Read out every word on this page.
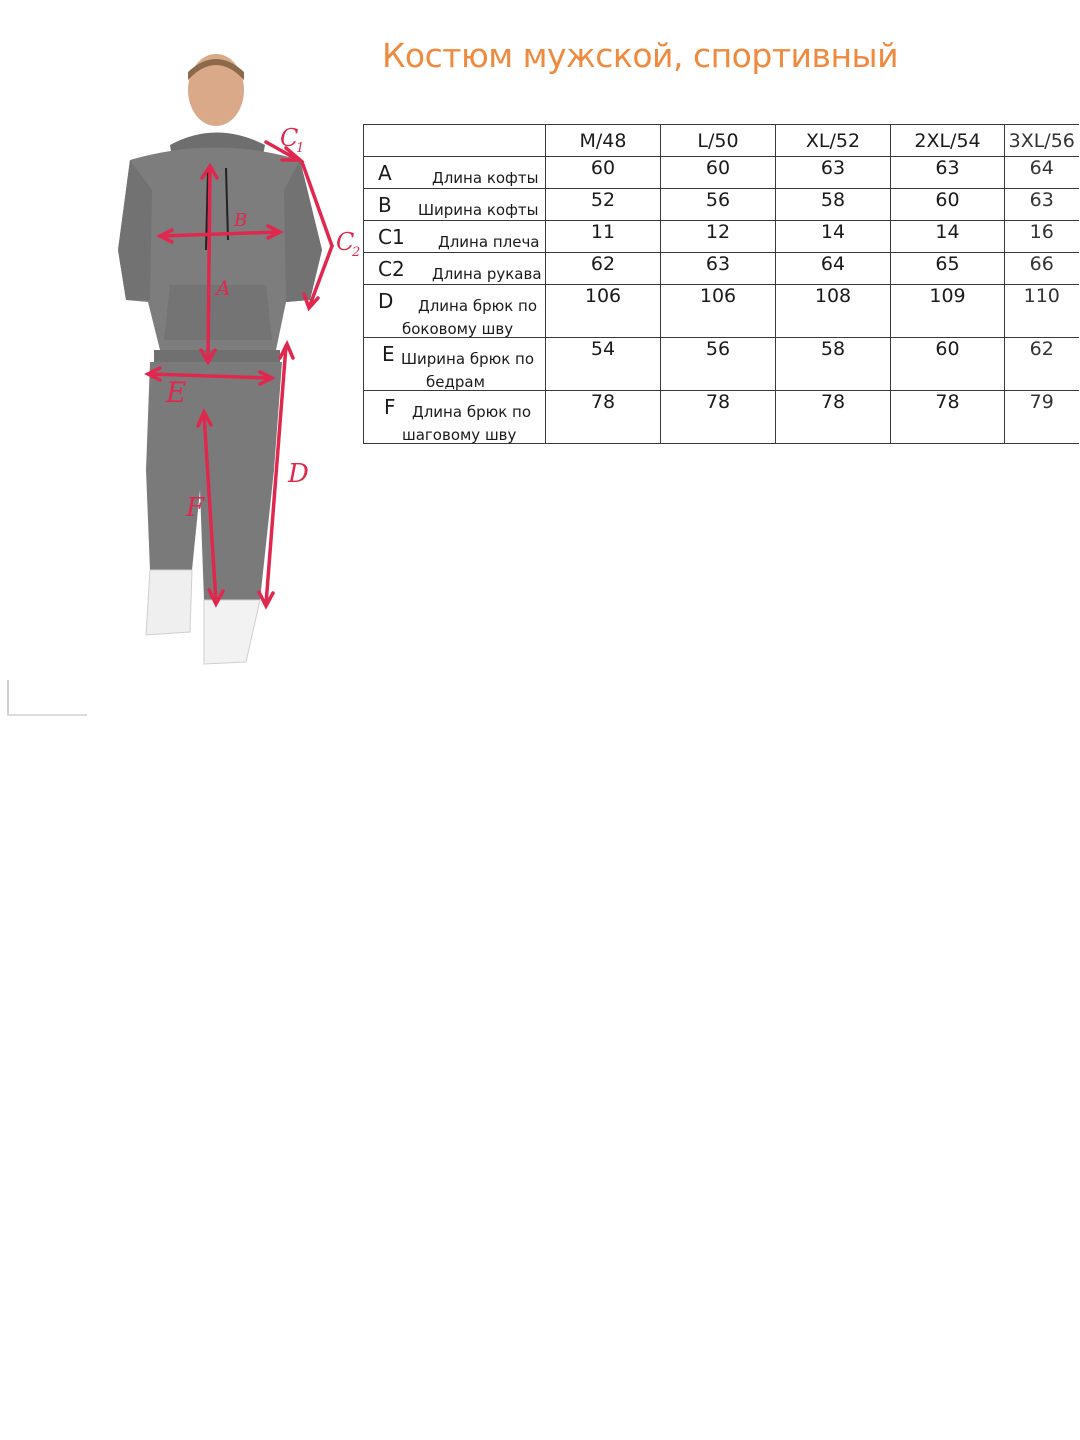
Костюм мужской, спортивный
A
B
C
1
C
2
D
E
F
	M/48	L/50	XL/52	2XL/54	3XL/56

A Длина кофты	60	60	63	63	64

B Ширина кофты	52	56	58	60	63

C1 Длина плеча	11	12	14	14	16

C2 Длина рукава	62	63	64	65	66

D Длина брюк по
боковому шву	106	106	108	109	110

E Ширина брюк по
бедрам	54	56	58	60	62

F Длина брюк по
шаговому шву	78	78	78	78	79
